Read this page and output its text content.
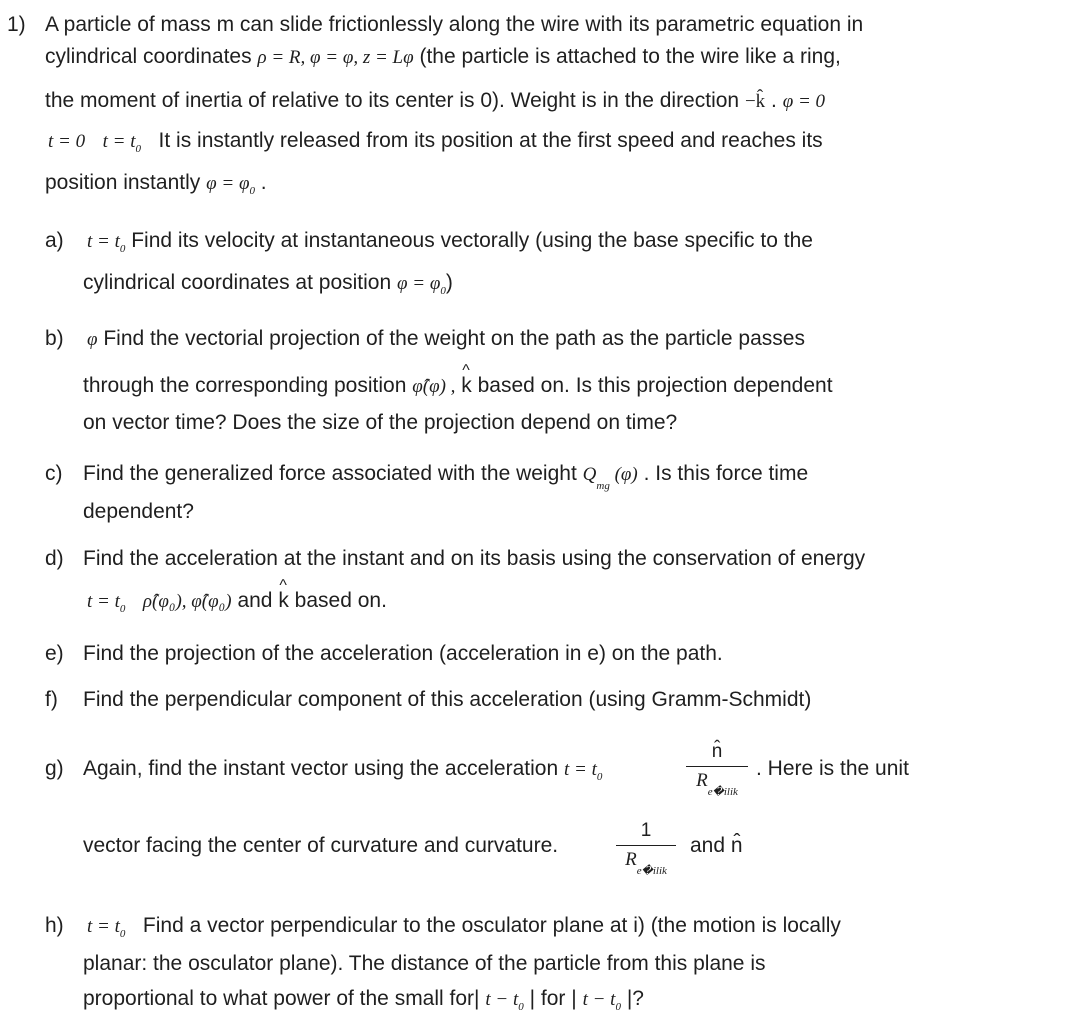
1) A particle of mass m can slide frictionlessly along the wire with its parametric equation in
cylindrical coordinates ρ = R, φ = φ, z = Lφ (the particle is attached to the wire like a ring,
the moment of inertia of relative to its center is 0). Weight is in the direction −k̂ . φ = 0
t = 0 $t = t_0$ It is instantly released from its position at the first speed and reaches its
position instantly $\varphi = \varphi_0$ .
a) $t = t_0$ Find its velocity at instantaneous vectorally (using the base specific to the
cylindrical coordinates at position $\varphi = \varphi_0$)
b) φ Find the vectorial projection of the weight on the path as the particle passes
through the corresponding position φ̂(φ) ,
^
k based on. Is this projection dependent
on vector time? Does the size of the projection depend on time?
c) Find the generalized force associated with the weight $Q_{mg}$ (φ) . Is this force time
dependent?
d) Find the acceleration at the instant and on its basis using the conservation of energy
$t = t_0$ ρ̂(φ₀), φ̂(φ₀) and
^
k based on.
e) Find the projection of the acceleration (acceleration in e) on the path.
f) Find the perpendicular component of this acceleration (using Gramm-Schmidt)
g) Again, find the instant vector using the acceleration $t = t_0$
n̂
$R_{e�ilik}$
. Here is the unit
vector facing the center of curvature and curvature.
1
$R_{e�ilik}$
and n̂
h) $t = t_0$ Find a vector perpendicular to the osculator plane at i) (the motion is locally
planar: the osculator plane). The distance of the particle from this plane is
proportional to what power of the small for| $t - t_0$ | for | $t - t_0$ |?
